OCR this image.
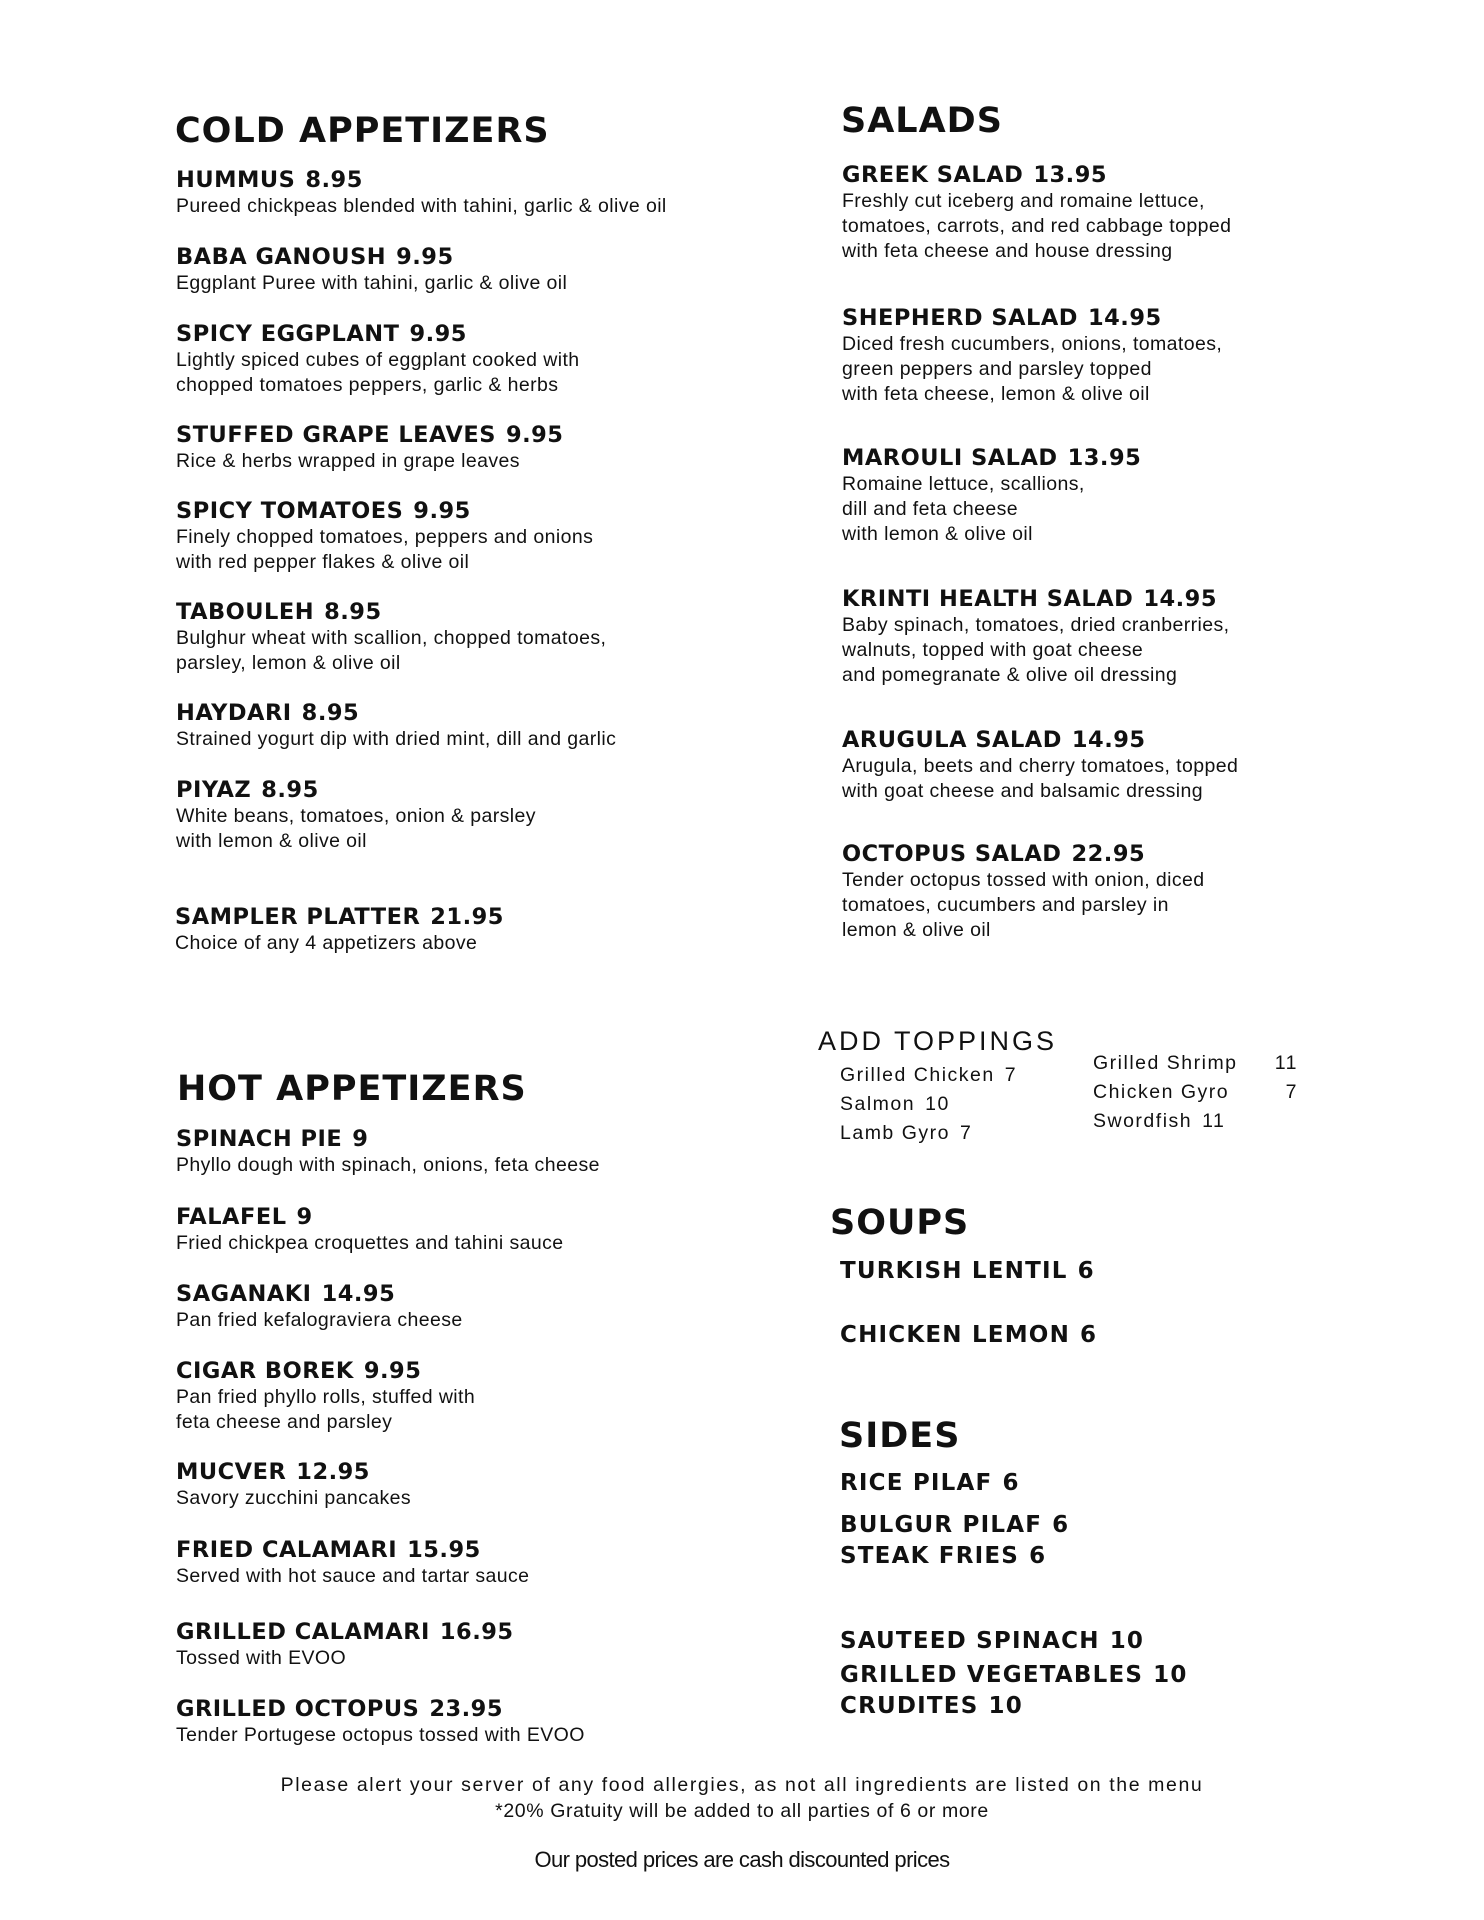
COLD APPETIZERS
HUMMUS 8.95
Pureed chickpeas blended with tahini, garlic & olive oil
BABA GANOUSH 9.95
Eggplant Puree with tahini, garlic & olive oil
SPICY EGGPLANT 9.95
Lightly spiced cubes of eggplant cooked with
chopped tomatoes peppers, garlic & herbs
STUFFED GRAPE LEAVES 9.95
Rice & herbs wrapped in grape leaves
SPICY TOMATOES 9.95
Finely chopped tomatoes, peppers and onions
with red pepper flakes & olive oil
TABOULEH 8.95
Bulghur wheat with scallion, chopped tomatoes,
parsley, lemon & olive oil
HAYDARI 8.95
Strained yogurt dip with dried mint, dill and garlic
PIYAZ 8.95
White beans, tomatoes, onion & parsley
with lemon & olive oil
SAMPLER PLATTER 21.95
Choice of any 4 appetizers above
HOT APPETIZERS
SPINACH PIE 9
Phyllo dough with spinach, onions, feta cheese
FALAFEL 9
Fried chickpea croquettes and tahini sauce
SAGANAKI 14.95
Pan fried kefalograviera cheese
CIGAR BOREK 9.95
Pan fried phyllo rolls, stuffed with
feta cheese and parsley
MUCVER 12.95
Savory zucchini pancakes
FRIED CALAMARI 15.95
Served with hot sauce and tartar sauce
GRILLED CALAMARI 16.95
Tossed with EVOO
GRILLED OCTOPUS 23.95
Tender Portugese octopus tossed with EVOO
SALADS
GREEK SALAD 13.95
Freshly cut iceberg and romaine lettuce,
tomatoes, carrots, and red cabbage topped
with feta cheese and house dressing
SHEPHERD SALAD 14.95
Diced fresh cucumbers, onions, tomatoes,
green peppers and parsley topped
with feta cheese, lemon & olive oil
MAROULI SALAD 13.95
Romaine lettuce, scallions,
dill and feta cheese
with lemon & olive oil
KRINTI HEALTH SALAD 14.95
Baby spinach, tomatoes, dried cranberries,
walnuts, topped with goat cheese
and pomegranate & olive oil dressing
ARUGULA SALAD 14.95
Arugula, beets and cherry tomatoes, topped
with goat cheese and balsamic dressing
OCTOPUS SALAD 22.95
Tender octopus tossed with onion, diced
tomatoes, cucumbers and parsley in
lemon & olive oil
ADD TOPPINGS
Grilled Chicken 7
Salmon 10
Lamb Gyro 7
Grilled Shrimp 11
Chicken Gyro	7
Swordfish 11
SOUPS
TURKISH LENTIL 6
CHICKEN LEMON 6
SIDES
RICE PILAF 6
BULGUR PILAF 6
STEAK FRIES 6
SAUTEED SPINACH 10
GRILLED VEGETABLES 10
CRUDITES 10
Please alert your server of any food allergies, as not all ingredients are listed on the menu
*20% Gratuity will be added to all parties of 6 or more
Our posted prices are cash discounted prices
